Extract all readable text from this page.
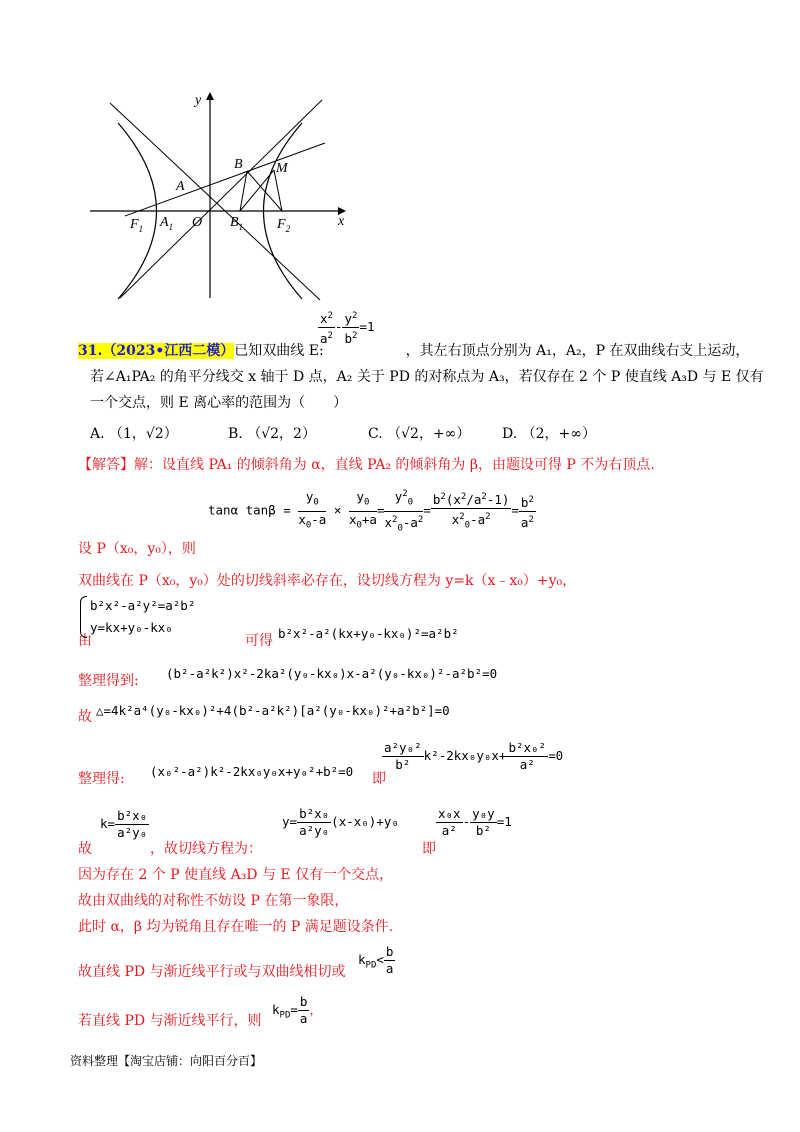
y
x
A
$A_1$ O
B
$B_1$
M
$F_1$	$F_2$
$\frac{x^2}{a^2} - \frac{y^2}{b^2} =1$
31.（2023•江西二模）已知双曲线 E:	，其左右顶点分别为 A₁，A₂，P 在双曲线右支上运动，
若∠A₁PA₂ 的角平分线交 x 轴于 D 点，A₂ 关于 PD 的对称点为 A₃，若仅存在 2 个 P 使直线 A₃D 与 E 仅有
一个交点，则 E 离心率的范围为（　　）
A. （1，√2）	B. （√2，2）	C. （√2，+∞） D. （2，+∞）
【解答】解：设直线 PA₁ 的倾斜角为 α，直线 PA₂ 的倾斜角为 β，由题设可得 P 不为右顶点.
tanα $\tan\beta = \frac{y_0}{x_0-a} \times \frac{y_0}{x_0+a} = \frac{y^2_0}{x^2_0-a^2} = \frac{b^2(x^2/a^2-1)}{x^2_0-a^2} = \frac{b^2}{a^2}$
设 P（x₀，y₀），则
双曲线在 P（x₀，y₀）处的切线斜率必存在，设切线方程为 y=k（x﹣x₀）+y₀，
b²x²-a²y²=a²b²
y=kx+y₀-kx₀
由	可得 b²x²-a²(kx+y₀-kx₀)²=a²b²
整理得到: (b²-a²k²)x²-2ka²(y₀-kx₀)x-a²(y₀-kx₀)²-a²b²=0
故 △=4k²a⁴(y₀-kx₀)²+4(b²-a²k²)[a²(y₀-kx₀)²+a²b²]=0
整理得: (x₀²-a²)k²-2kx₀y₀x+y₀²+b²=0 即
$\frac{\text{a²y₀²}}{\text{b²}} k^2-2kx_0y_0x+ \frac{\text{b²x₀²}}{\text{a²}} =0$
$k= \frac{\text{b²x₀}}{\text{a²y₀}}$
故	，故切线方程为：
$y= \frac{\text{b²x₀}}{\text{a²y₀}} (x-x_0)+y_0$
即
$\frac{\text{x₀x}}{\text{a²}} - \frac{\text{y₀y}}{\text{b²}} =1$
因为存在 2 个 P 使直线 A₃D 与 E 仅有一个交点，
故由双曲线的对称性不妨设 P 在第一象限，
此时 α，β 均为锐角且存在唯一的 P 满足题设条件.
故直线 PD 与渐近线平行或与双曲线相切或
$k_{PD}< \frac{b}{a}$
若直线 PD 与渐近线平行，则
$k_{PD}= \frac{b}{a}$ ，
资料整理【淘宝店铺：向阳百分百】
